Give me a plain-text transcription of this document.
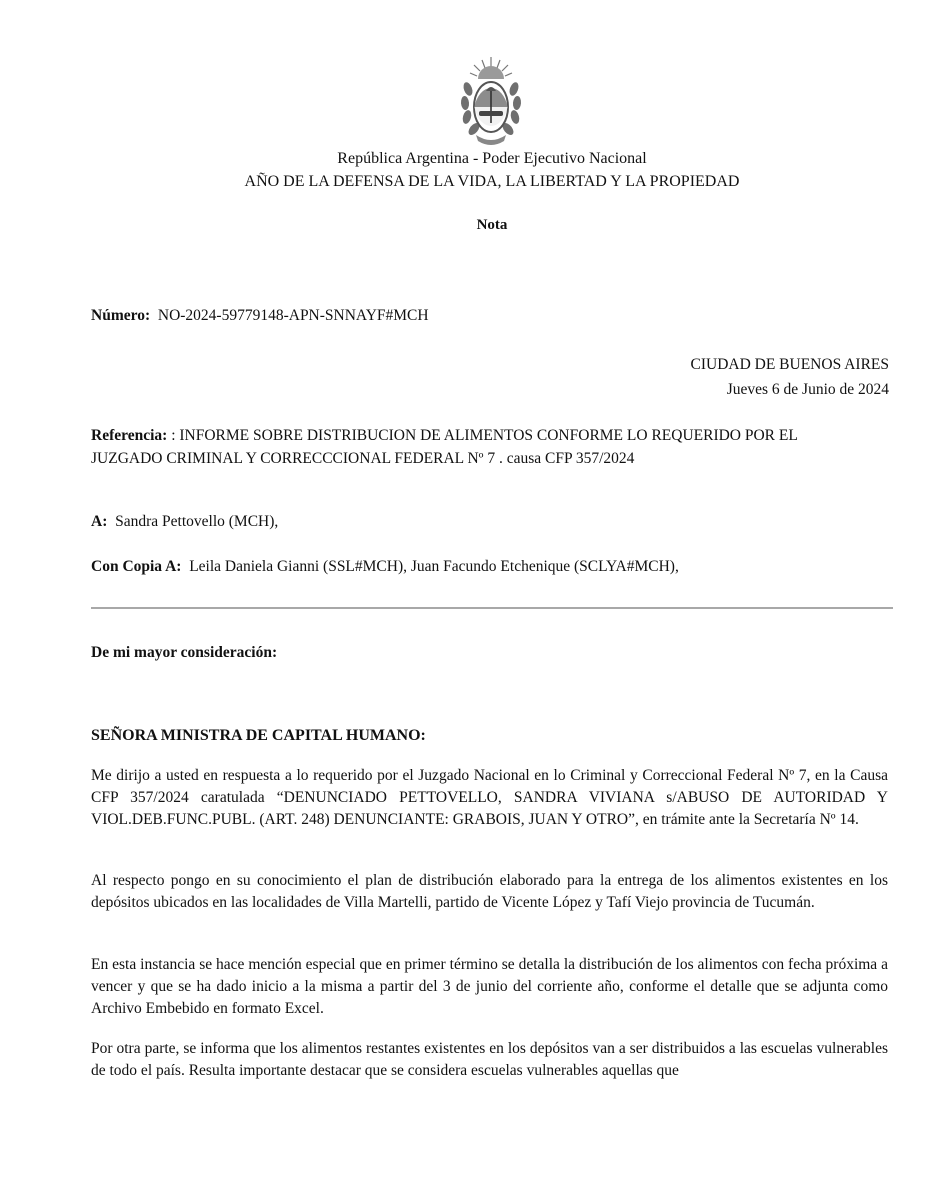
República Argentina - Poder Ejecutivo Nacional
AÑO DE LA DEFENSA DE LA VIDA, LA LIBERTAD Y LA PROPIEDAD
Nota
Número: NO-2024-59779148-APN-SNNAYF#MCH
CIUDAD DE BUENOS AIRES
Jueves 6 de Junio de 2024
Referencia: : INFORME SOBRE DISTRIBUCION DE ALIMENTOS CONFORME LO REQUERIDO POR EL
JUZGADO CRIMINAL Y CORRECCCIONAL FEDERAL Nº 7 . causa CFP 357/2024
A: Sandra Pettovello (MCH),
Con Copia A: Leila Daniela Gianni (SSL#MCH), Juan Facundo Etchenique (SCLYA#MCH),
De mi mayor consideración:
SEÑORA MINISTRA DE CAPITAL HUMANO:
Me dirijo a usted en respuesta a lo requerido por el Juzgado Nacional en lo Criminal y Correccional Federal Nº 7, en la Causa CFP 357/2024 caratulada “DENUNCIADO PETTOVELLO, SANDRA VIVIANA s/ABUSO DE AUTORIDAD Y VIOL.DEB.FUNC.PUBL. (ART. 248) DENUNCIANTE: GRABOIS, JUAN Y OTRO”, en trámite ante la Secretaría Nº 14.
Al respecto pongo en su conocimiento el plan de distribución elaborado para la entrega de los alimentos existentes en los depósitos ubicados en las localidades de Villa Martelli, partido de Vicente López y Tafí Viejo provincia de Tucumán.
En esta instancia se hace mención especial que en primer término se detalla la distribución de los alimentos con fecha próxima a vencer y que se ha dado inicio a la misma a partir del 3 de junio del corriente año, conforme el detalle que se adjunta como Archivo Embebido en formato Excel.
Por otra parte, se informa que los alimentos restantes existentes en los depósitos van a ser distribuidos a las escuelas vulnerables de todo el país. Resulta importante destacar que se considera escuelas vulnerables aquellas que
